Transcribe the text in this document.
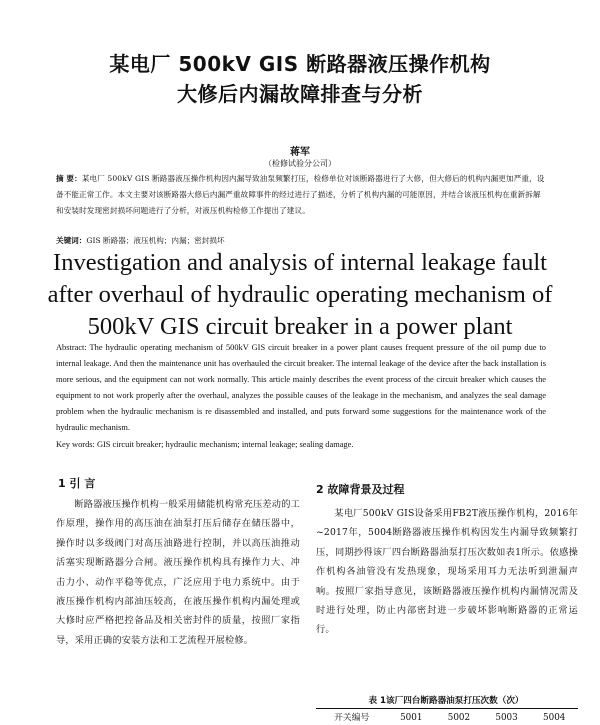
某电厂 500kV GIS 断路器液压操作机构
大修后内漏故障排查与分析
蒋军
（检修试验分公司）
摘 要：某电厂 500kV GIS 断路器液压操作机构因内漏导致油泵频繁打压，检修单位对该断路器进行了大修，但大修后的机构内漏更加严重，设备不能正常工作。本文主要对该断路器大修后内漏严重故障事件的经过进行了描述，分析了机构内漏的可能原因，并结合该液压机构在重新拆解和安装时发现密封损坏问题进行了分析，对液压机构检修工作提出了建议。
关键词：GIS 断路器；液压机构；内漏；密封损坏
Investigation and analysis of internal leakage fault
after overhaul of hydraulic operating mechanism of
500kV GIS circuit breaker in a power plant
Abstract: The hydraulic operating mechanism of 500kV GIS circuit breaker in a power plant causes frequent pressure of the oil pump due to internal leakage. And then the maintenance unit has overhauled the circuit breaker. The internal leakage of the device after the back installation is more serious, and the equipment can not work normally. This article mainly describes the event process of the circuit breaker which causes the equipment to not work properly after the overhaul, analyzes the possible causes of the leakage in the mechanism, and analyzes the seal damage problem when the hydraulic mechanism is re disassembled and installed, and puts forward some suggestions for the maintenance work of the hydraulic mechanism.
Key words: GIS circuit breaker; hydraulic mechanism; internal leakage; sealing damage.
1 引 言
断路器液压操作机构一般采用储能机构常充压差动的工作原理，操作用的高压油在油泵打压后储存在储压器中，操作时以多级阀门对高压油路进行控制，并以高压油推动活塞实现断路器分合闸。液压操作机构具有操作力大、冲击力小、动作平稳等优点，广泛应用于电力系统中。由于液压操作机构内部油压较高，在液压操作机构内漏处理或大修时应严格把控备品及相关密封件的质量，按照厂家指导，采用正确的安装方法和工艺流程开展检修。
2 故障背景及过程
某电厂500kV GIS设备采用FB2T液压操作机构，2016年~2017年，5004断路器液压操作机构因发生内漏导致频繁打压，同期抄得该厂四台断路器油泵打压次数如表1所示。依感操作机构各油管没有发热现象，现场采用耳力无法听到泄漏声响。按照厂家指导意见，该断路器液压操作机构内漏情况需及时进行处理，防止内部密封进一步破坏影响断路器的正常运行。
表 1该厂四台断路器油泵打压次数（次）
开关编号	5001	5002	5003	5004
